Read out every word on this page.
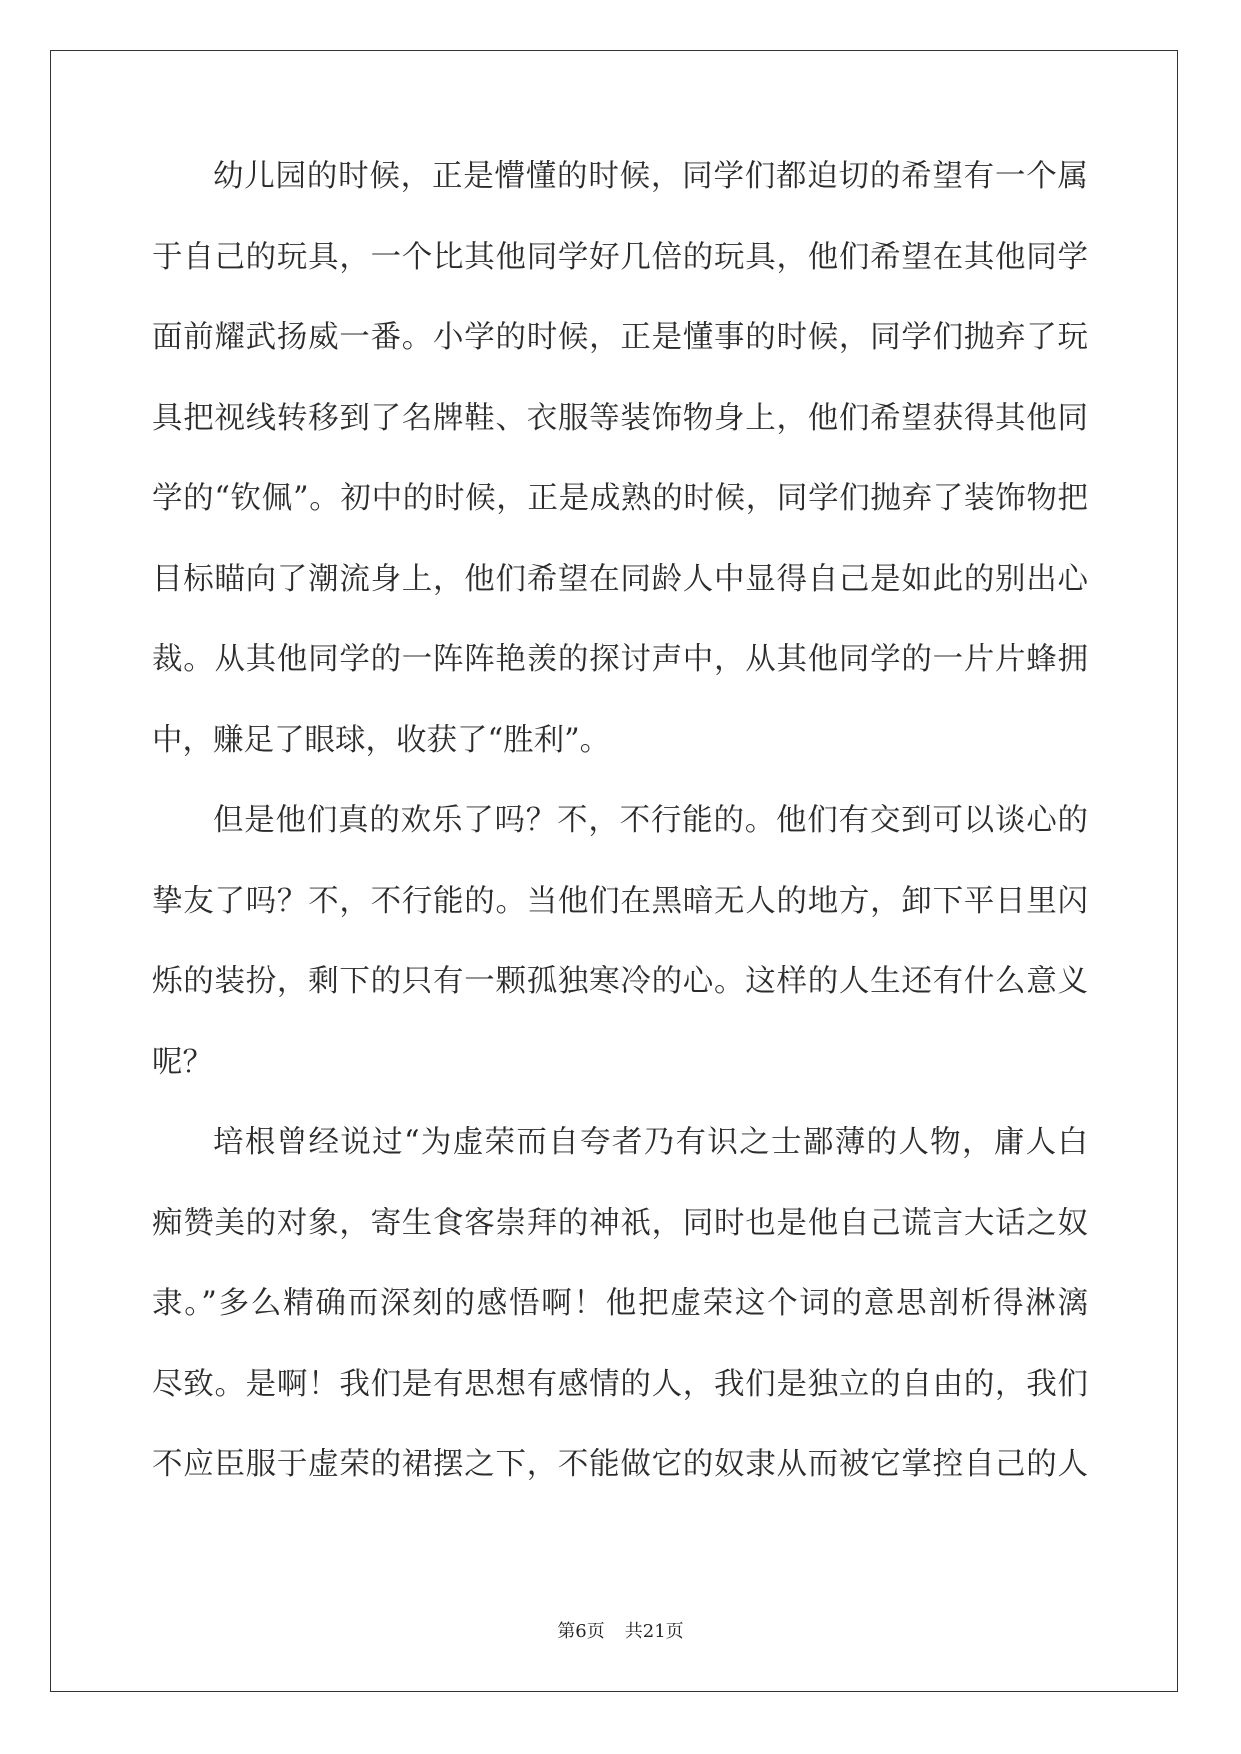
幼儿园的时候，正是懵懂的时候，同学们都迫切的希望有一个属
于自己的玩具，一个比其他同学好几倍的玩具，他们希望在其他同学
面前耀武扬威一番。小学的时候，正是懂事的时候，同学们抛弃了玩
具把视线转移到了名牌鞋、衣服等装饰物身上，他们希望获得其他同
学的“钦佩”。初中的时候，正是成熟的时候，同学们抛弃了装饰物把
目标瞄向了潮流身上，他们希望在同龄人中显得自己是如此的别出心
裁。从其他同学的一阵阵艳羡的探讨声中，从其他同学的一片片蜂拥
中，赚足了眼球，收获了“胜利”。
但是他们真的欢乐了吗？不，不行能的。他们有交到可以谈心的
挚友了吗？不，不行能的。当他们在黑暗无人的地方，卸下平日里闪
烁的装扮，剩下的只有一颗孤独寒冷的心。这样的人生还有什么意义
呢？
培根曾经说过“为虚荣而自夸者乃有识之士鄙薄的人物，庸人白
痴赞美的对象，寄生食客崇拜的神祇，同时也是他自己谎言大话之奴
隶。”多么精确而深刻的感悟啊！他把虚荣这个词的意思剖析得淋漓
尽致。是啊！我们是有思想有感情的人，我们是独立的自由的，我们
不应臣服于虚荣的裙摆之下，不能做它的奴隶从而被它掌控自己的人
第6页 共21页
